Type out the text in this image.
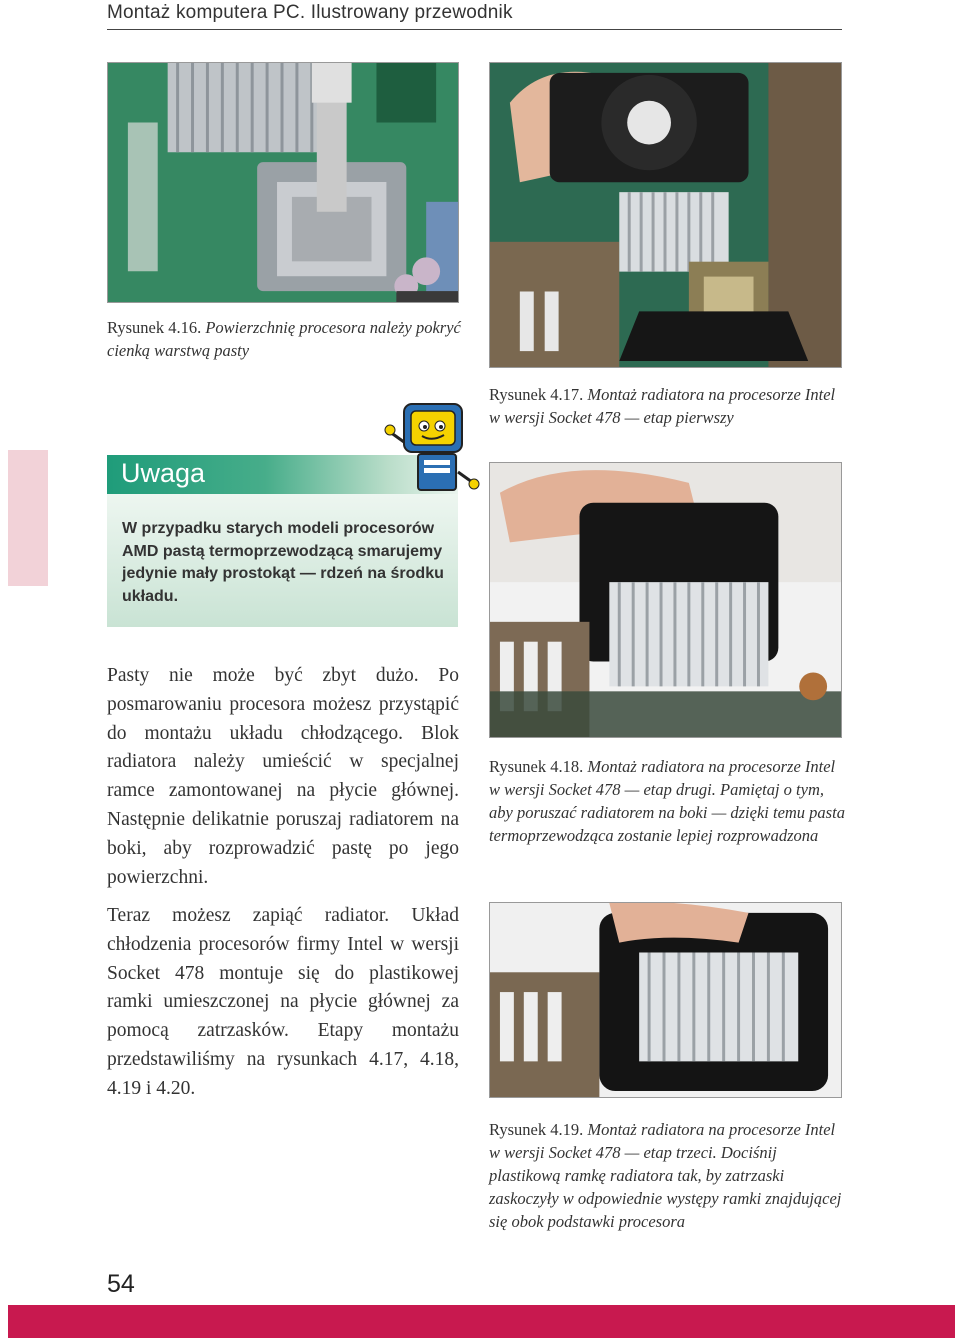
Montaż komputera PC. Ilustrowany przewodnik
Rysunek 4.16. Powierzchnię procesora należy pokryć cienką warstwą pasty
Rysunek 4.17. Montaż radiatora na procesorze Intel w wersji Socket 478 — etap pierwszy
Uwaga
W przypadku starych modeli procesorów AMD pastą termoprzewodzącą smarujemy jedynie mały prostokąt — rdzeń na środku układu.
Rysunek 4.18. Montaż radiatora na procesorze Intel w wersji Socket 478 — etap drugi. Pamiętaj o tym, aby poruszać radiatorem na boki — dzięki temu pasta termoprzewodząca zostanie lepiej rozprowadzona
Pasty nie może być zbyt dużo. Po posmarowaniu procesora możesz przystąpić do montażu układu chłodzącego. Blok radiatora należy umieścić w specjalnej ramce zamontowanej na płycie głównej. Następnie delikatnie poruszaj radiatorem na boki, aby rozprowadzić pastę po jego powierzchni.
Teraz możesz zapiąć radiator. Układ chłodzenia procesorów firmy Intel w wersji Socket 478 montuje się do plastikowej ramki umieszczonej na płycie głównej za pomocą zatrzasków. Etapy montażu przedstawiliśmy na rysunkach 4.17, 4.18, 4.19 i 4.20.
Rysunek 4.19. Montaż radiatora na procesorze Intel w wersji Socket 478 — etap trzeci. Dociśnij plastikową ramkę radiatora tak, by zatrzaski zaskoczyły w odpowiednie występy ramki znajdującej się obok podstawki procesora
54
